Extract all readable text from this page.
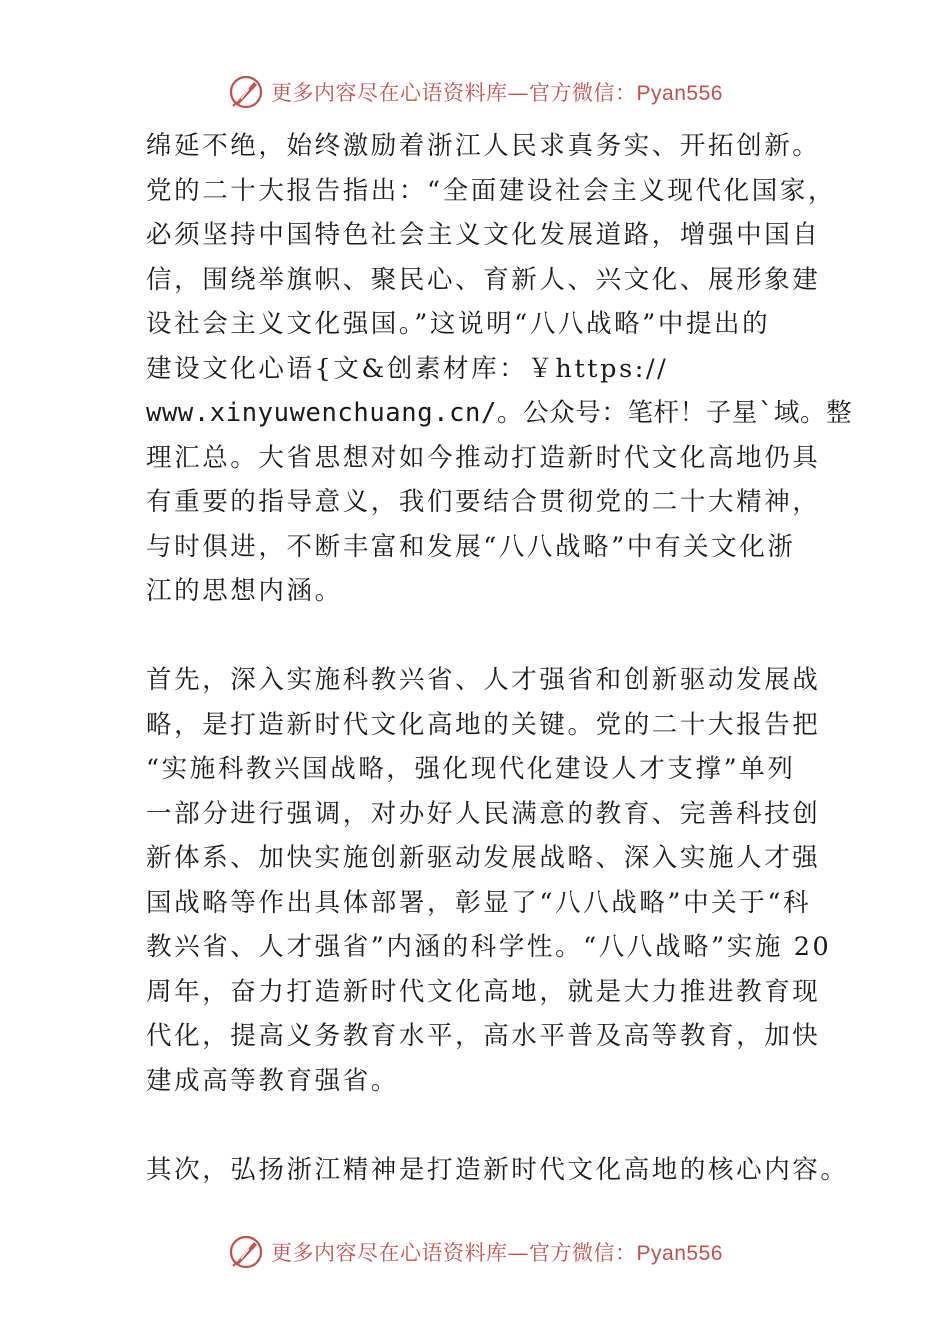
更多内容尽在心语资料库—官方微信：Pyan556
绵延不绝，始终激励着浙江人民求真务实、开拓创新。
党的二十大报告指出：“全面建设社会主义现代化国家，
必须坚持中国特色社会主义文化发展道路，增强中国自
信，围绕举旗帜、聚民心、育新人、兴文化、展形象建
设社会主义文化强国。”这说明“八八战略”中提出的
建设文化心语{文&创素材库：￥https://
www.xinyuwenchuang.cn/。公众号：笔杆！子星`域。整
理汇总。大省思想对如今推动打造新时代文化高地仍具
有重要的指导意义，我们要结合贯彻党的二十大精神，
与时俱进，不断丰富和发展“八八战略”中有关文化浙
江的思想内涵。
首先，深入实施科教兴省、人才强省和创新驱动发展战
略，是打造新时代文化高地的关键。党的二十大报告把
“实施科教兴国战略，强化现代化建设人才支撑”单列
一部分进行强调，对办好人民满意的教育、完善科技创
新体系、加快实施创新驱动发展战略、深入实施人才强
国战略等作出具体部署，彰显了“八八战略”中关于“科
教兴省、人才强省”内涵的科学性。“八八战略”实施 20
周年，奋力打造新时代文化高地，就是大力推进教育现
代化，提高义务教育水平，高水平普及高等教育，加快
建成高等教育强省。
其次，弘扬浙江精神是打造新时代文化高地的核心内容。
更多内容尽在心语资料库—官方微信：Pyan556
